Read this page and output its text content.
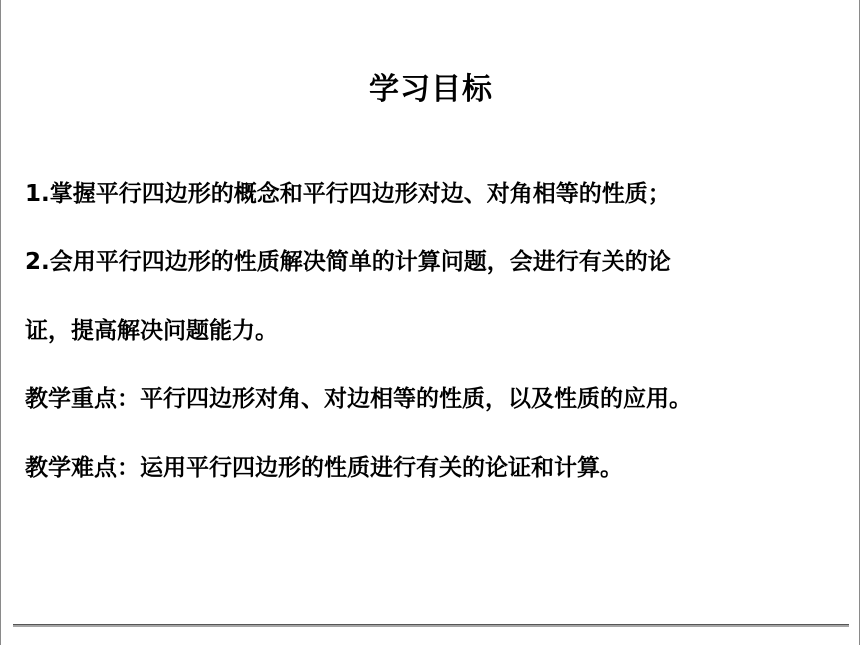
学习目标
1.掌握平行四边形的概念和平行四边形对边、对角相等的性质；
2.会用平行四边形的性质解决简单的计算问题，会进行有关的论
证，提高解决问题能力。
教学重点：平行四边形对角、对边相等的性质，以及性质的应用。
教学难点：运用平行四边形的性质进行有关的论证和计算。
